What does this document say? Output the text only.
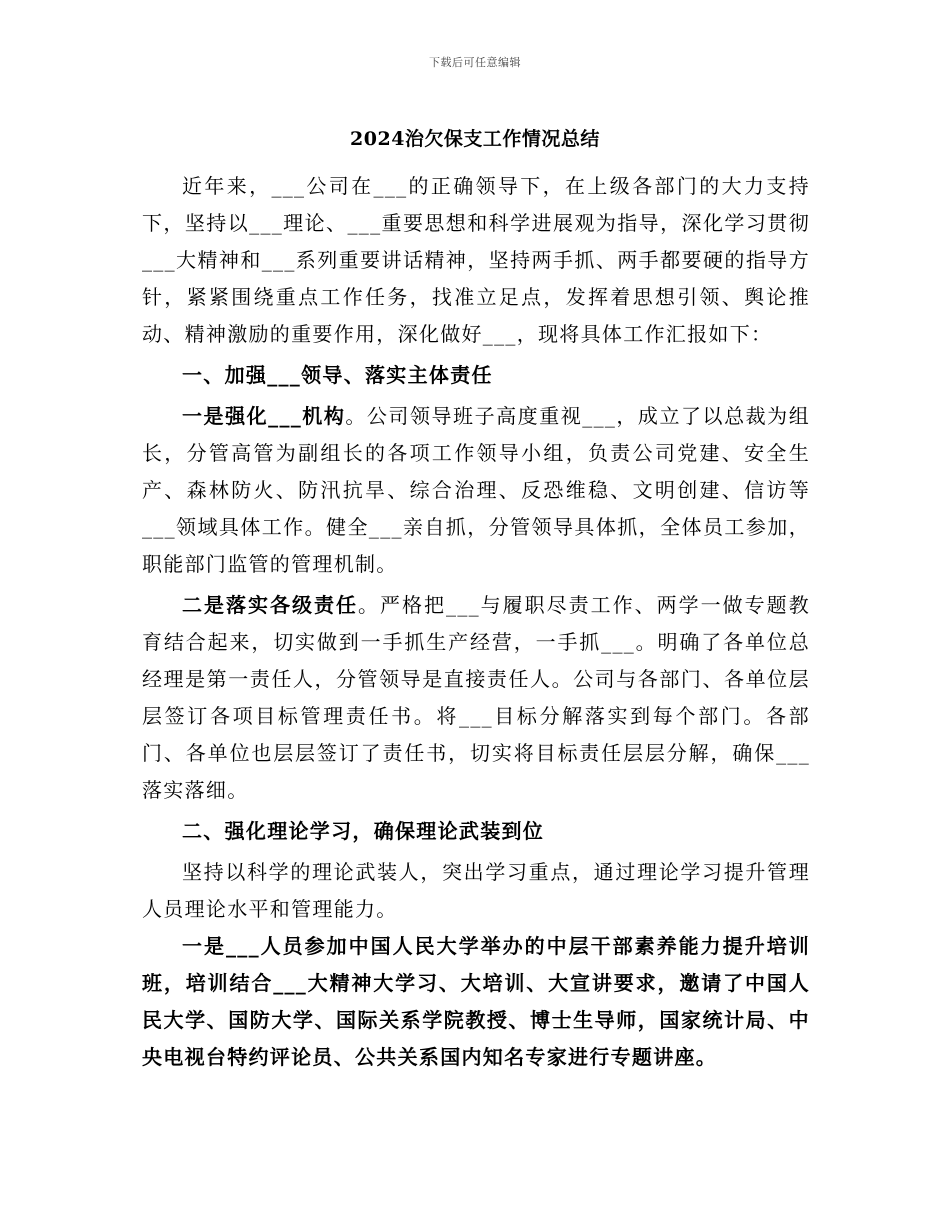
下载后可任意编辑
2024治欠保支工作情况总结

近年来，___公司在___的正确领导下，在上级各部门的大力支持下，坚持以___理论、___重要思想和科学进展观为指导，深化学习贯彻___大精神和___系列重要讲话精神，坚持两手抓、两手都要硬的指导方针，紧紧围绕重点工作任务，找准立足点，发挥着思想引领、舆论推动、精神激励的重要作用，深化做好___，现将具体工作汇报如下：

一、加强___领导、落实主体责任

一是强化___机构。公司领导班子高度重视___，成立了以总裁为组长，分管高管为副组长的各项工作领导小组，负责公司党建、安全生产、森林防火、防汛抗旱、综合治理、反恐维稳、文明创建、信访等___领域具体工作。健全___亲自抓，分管领导具体抓，全体员工参加，职能部门监管的管理机制。

二是落实各级责任。严格把___与履职尽责工作、两学一做专题教育结合起来，切实做到一手抓生产经营，一手抓___。明确了各单位总经理是第一责任人，分管领导是直接责任人。公司与各部门、各单位层层签订各项目标管理责任书。将___目标分解落实到每个部门。各部门、各单位也层层签订了责任书，切实将目标责任层层分解，确保___落实落细。

二、强化理论学习，确保理论武装到位

坚持以科学的理论武装人，突出学习重点，通过理论学习提升管理人员理论水平和管理能力。

一是___人员参加中国人民大学举办的中层干部素养能力提升培训班，培训结合___大精神大学习、大培训、大宣讲要求，邀请了中国人民大学、国防大学、国际关系学院教授、博士生导师，国家统计局、中央电视台特约评论员、公共关系国内知名专家进行专题讲座。
